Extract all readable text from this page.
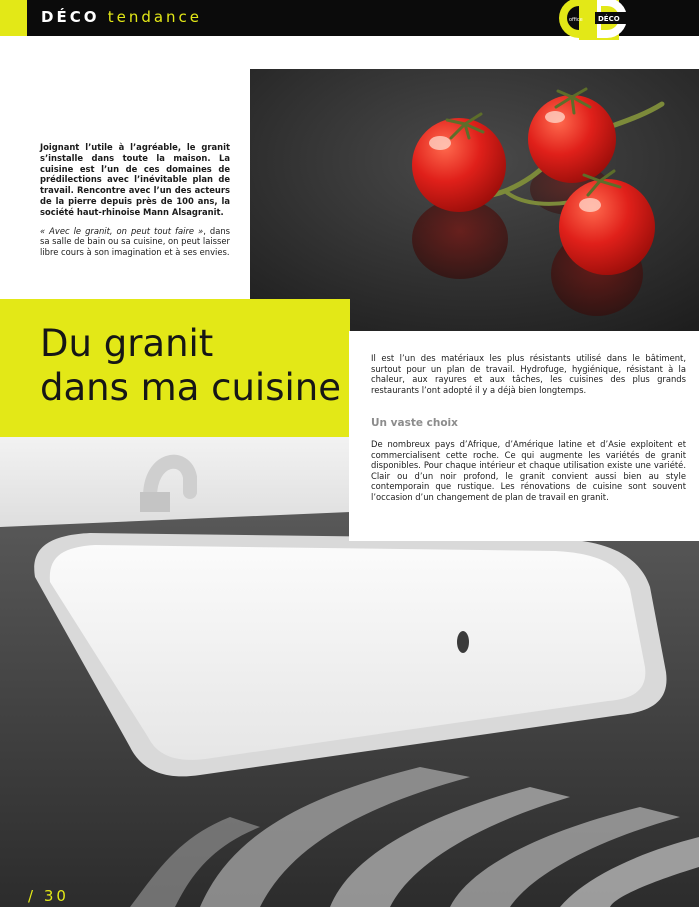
DÉCO tendance	office DÉCO

Joignant l’utile à l’agréable, le granit s’installe dans toute la maison. La cuisine est l’un de ces domaines de prédilections avec l’inévitable plan de travail. Rencontre avec l’un des acteurs de la pierre depuis près de 100 ans, la société haut-rhinoise Mann Alsagranit.

« Avec le granit, on peut tout faire », dans sa salle de bain ou sa cuisine, on peut laisser libre cours à son imagination et à ses envies.

Du granit
dans ma cuisine

Il est l’un des matériaux les plus résistants utilisé dans le bâtiment, surtout pour un plan de travail. Hydrofuge, hygiénique, résistant à la chaleur, aux rayures et aux tâches, les cuisines des plus grands restaurants l’ont adopté il y a déjà bien longtemps.

Un vaste choix

De nombreux pays d’Afrique, d’Amérique latine et d’Asie exploitent et commercialisent cette roche. Ce qui augmente les variétés de granit disponibles. Pour chaque intérieur et chaque utilisation existe une variété. Clair ou d’un noir profond, le granit convient aussi bien au style contemporain que rustique. Les rénovations de cuisine sont souvent l’occasion d’un changement de plan de travail en granit.

/ 30
